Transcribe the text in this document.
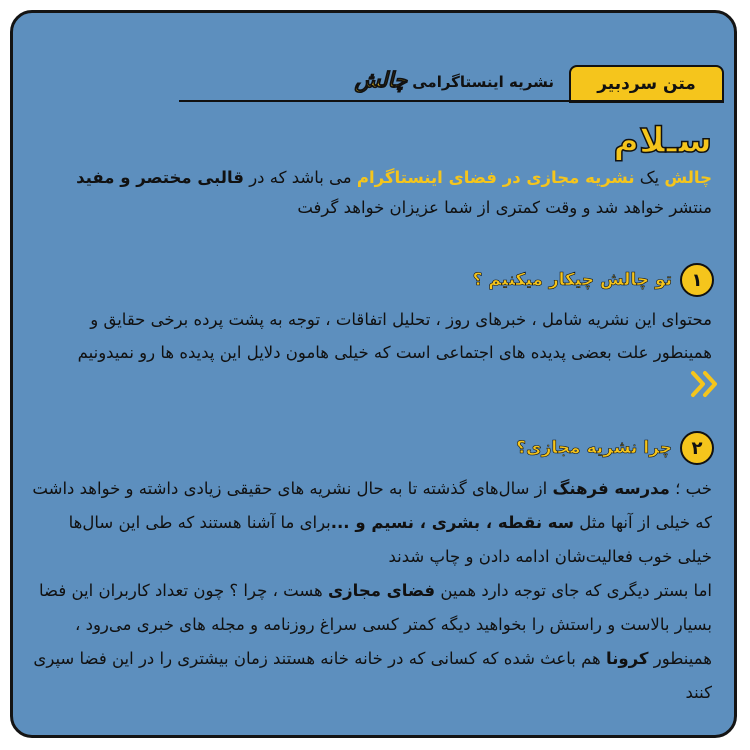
نشریه اینستاگرامی چالش	متن سردبیر
سـلام
چالش یک نشریه مجازی در فضای اینستاگرام می باشد که در قالبی مختصر و مفید
منتشر خواهد شد و وقت کمتری از شما عزیزان خواهد گرفت
۱
تو چالش چیکار میکنیم ؟
محتوای این نشریه شامل ، خبرهای روز ، تحلیل اتفاقات ، توجه به پشت پرده برخی حقایق و همینطور علت بعضی پدیده های اجتماعی است که خیلی هامون دلایل این پدیده ها رو نمیدونیم
۲
چرا نشریه مجازی؟
خب ؛ مدرسه فرهنگ از سال‌های گذشته تا به حال نشریه های حقیقی زیادی داشته و خواهد داشت که خیلی از آنها مثل سه نقطه ، بشری ، نسیم و ...برای ما آشنا هستند که طی این سال‌ها خیلی خوب فعالیت‌شان ادامه دادن و چاپ شدند
اما بستر دیگری که جای توجه دارد همین فضای مجازی هست ، چرا ؟ چون تعداد کاربران این فضا بسیار بالاست و راستش را بخواهید دیگه کمتر کسی سراغ روزنامه و مجله های خبری می‌رود ، همینطور کرونا هم باعث شده که کسانی که در خانه خانه هستند زمان بیشتری را در این فضا سپری کنند
